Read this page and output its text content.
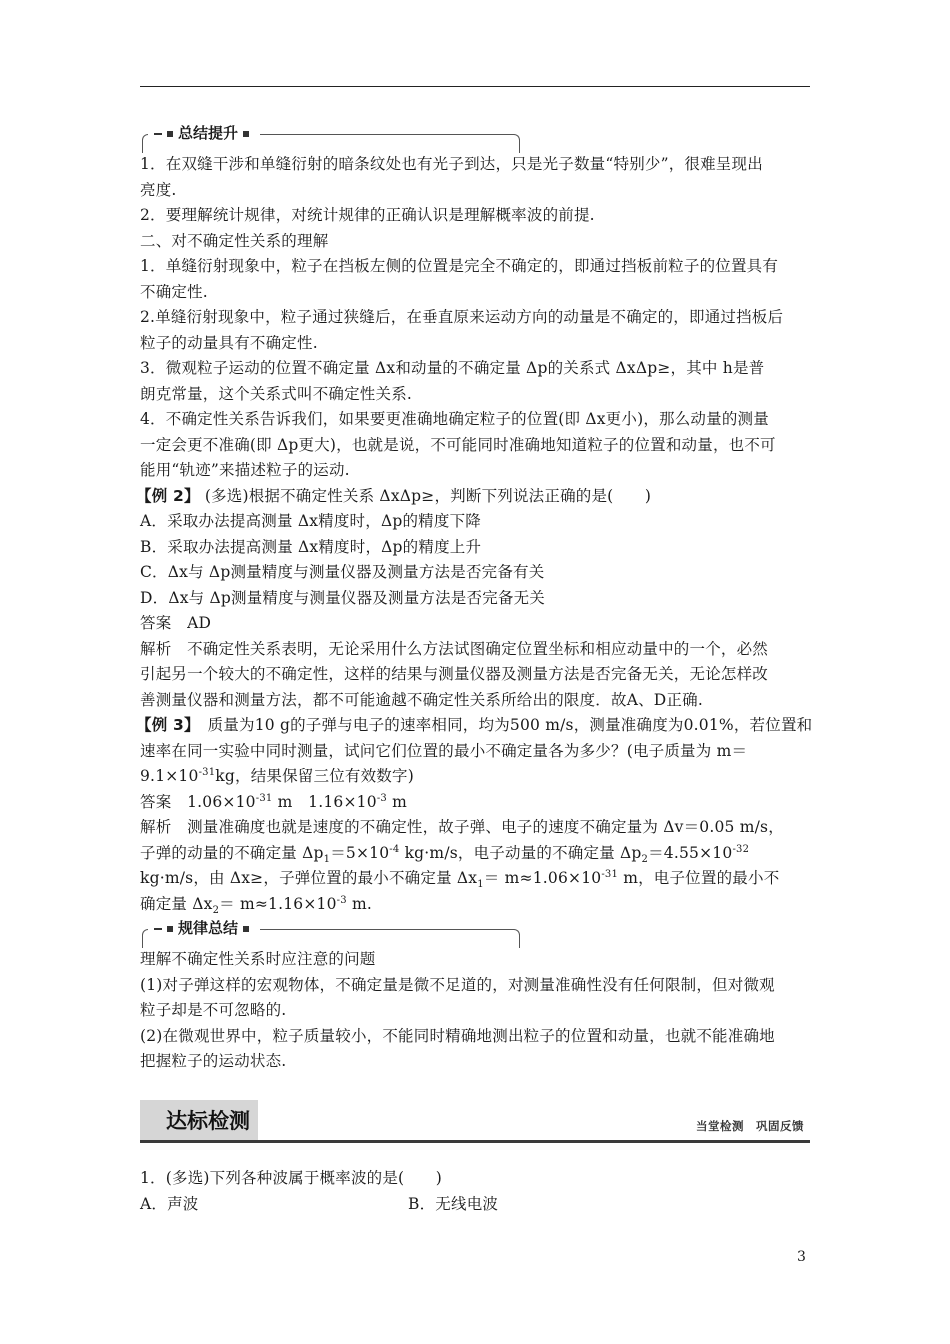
总结提升
1．在双缝干涉和单缝衍射的暗条纹处也有光子到达，只是光子数量“特别少”，很难呈现出
亮度.
2．要理解统计规律，对统计规律的正确认识是理解概率波的前提.
二、对不确定性关系的理解
1．单缝衍射现象中，粒子在挡板左侧的位置是完全不确定的，即通过挡板前粒子的位置具有
不确定性.
2.单缝衍射现象中，粒子通过狭缝后，在垂直原来运动方向的动量是不确定的，即通过挡板后
粒子的动量具有不确定性.
3．微观粒子运动的位置不确定量 Δx和动量的不确定量 Δp的关系式 ΔxΔp≥，其中 h是普
朗克常量，这个关系式叫不确定性关系.
4．不确定性关系告诉我们，如果要更准确地确定粒子的位置(即 Δx更小)，那么动量的测量
一定会更不准确(即 Δp更大)，也就是说，不可能同时准确地知道粒子的位置和动量，也不可
能用“轨迹”来描述粒子的运动.
【例 2】 (多选)根据不确定性关系 ΔxΔp≥，判断下列说法正确的是(　　)
A．采取办法提高测量 Δx精度时，Δp的精度下降
B．采取办法提高测量 Δx精度时，Δp的精度上升
C．Δx与 Δp测量精度与测量仪器及测量方法是否完备有关
D．Δx与 Δp测量精度与测量仪器及测量方法是否完备无关
答案　AD
解析　不确定性关系表明，无论采用什么方法试图确定位置坐标和相应动量中的一个，必然
引起另一个较大的不确定性，这样的结果与测量仪器及测量方法是否完备无关，无论怎样改
善测量仪器和测量方法，都不可能逾越不确定性关系所给出的限度．故A、D正确.
【例 3】　质量为10 g的子弹与电子的速率相同，均为500 m/s，测量准确度为0.01%，若位置和
速率在同一实验中同时测量，试问它们位置的最小不确定量各为多少？(电子质量为 m＝
$9.1\times 10^{-31}kg$，结果保留三位有效数字)
答案　$1.06\times 10^{-31}$ m　$1.16\times 10^{-3}$ m
解析　测量准确度也就是速度的不确定性，故子弹、电子的速度不确定量为 Δv＝0.05 m/s，
子弹的动量的不确定量 $\Delta p_1=5\times 10^{-4}$ kg·m/s，电子动量的不确定量 $\Delta p_2=4.55\times 10^{-32}$
kg·m/s，由 Δx≥，子弹位置的最小不确定量 $\Delta x_1= m\approx 1.06\times 10^{-31}$ m，电子位置的最小不
确定量 $\Delta x_2= m\approx 1.16\times 10^{-3}$ m.
规律总结
理解不确定性关系时应注意的问题
(1)对子弹这样的宏观物体，不确定量是微不足道的，对测量准确性没有任何限制，但对微观
粒子却是不可忽略的.
(2)在微观世界中，粒子质量较小，不能同时精确地测出粒子的位置和动量，也就不能准确地
把握粒子的运动状态.
达标检测	当堂检测　巩固反馈
1．(多选)下列各种波属于概率波的是(　　)
A．声波	B．无线电波
3
